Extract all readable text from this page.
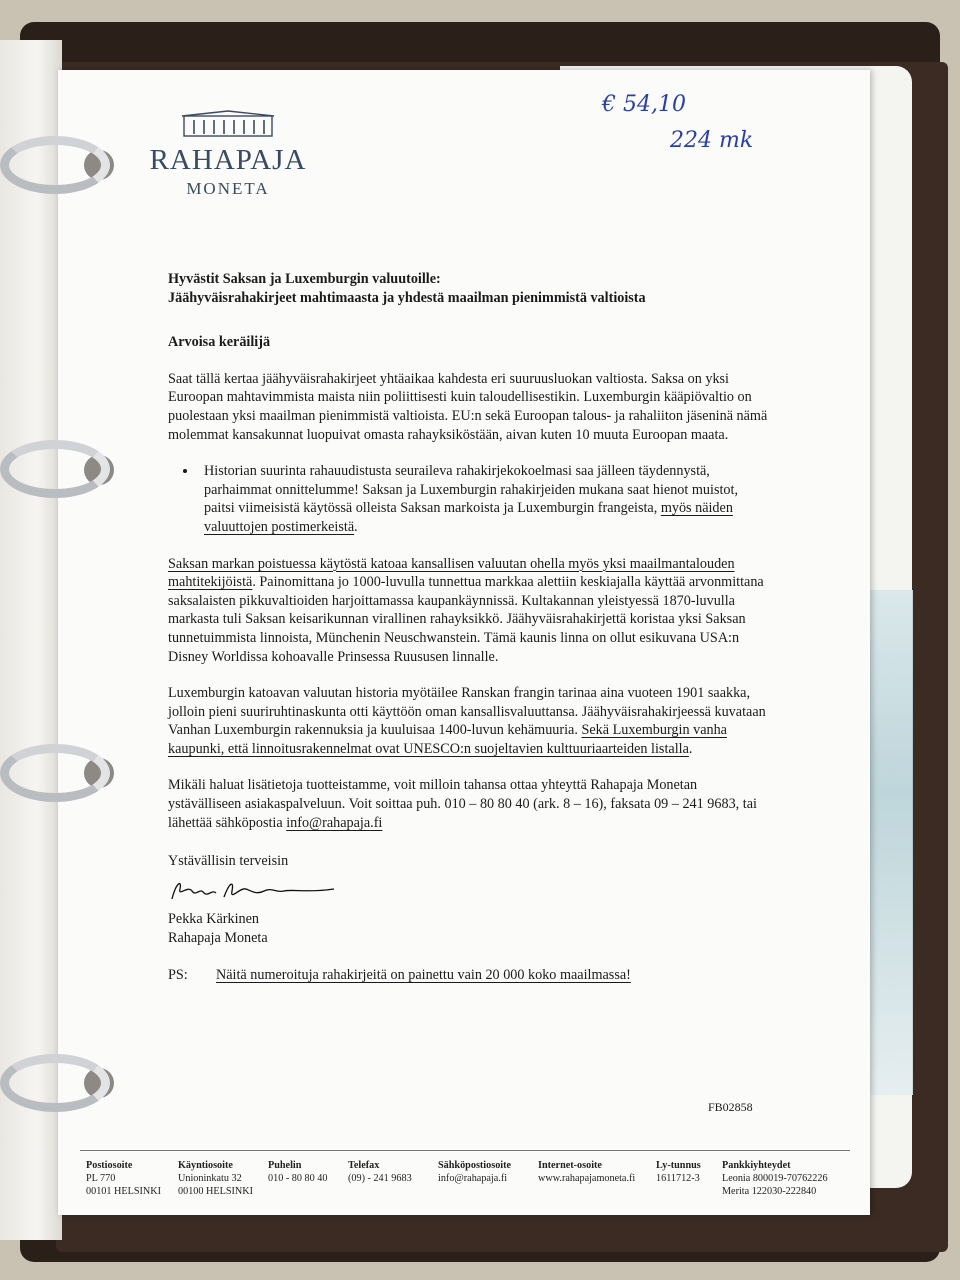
RAHAPAJA
MONETA
€ 54,10
224 mk
Hyvästit Saksan ja Luxemburgin valuutoille:
Jäähyväisrahakirjeet mahtimaasta ja yhdestä maailman pienimmistä valtioista
Arvoisa keräilijä

Saat tällä kertaa jäähyväisrahakirjeet yhtäaikaa kahdesta eri suuruusluokan valtiosta. Saksa on yksi Euroopan mahtavimmista maista niin poliittisesti kuin taloudellisestikin. Luxemburgin kääpiövaltio on puolestaan yksi maailman pienimmistä valtioista. EU:n sekä Euroopan talous- ja rahaliiton jäseninä nämä molemmat kansakunnat luopuivat omasta rahayksiköstään, aivan kuten 10 muuta Euroopan maata.

• Historian suurinta rahauudistusta seuraileva rahakirjekokoelmasi saa jälleen täydennystä, parhaimmat onnittelumme! Saksan ja Luxemburgin rahakirjeiden mukana saat hienot muistot, paitsi viimeisistä käytössä olleista Saksan markoista ja Luxemburgin frangeista, myös näiden valuuttojen postimerkeistä.

Saksan markan poistuessa käytöstä katoaa kansallisen valuutan ohella myös yksi maailmantalouden mahtitekijöistä. Painomittana jo 1000-luvulla tunnettua markkaa alettiin keskiajalla käyttää arvonmittana saksalaisten pikkuvaltioiden harjoittamassa kaupankäynnissä. Kultakannan yleistyessä 1870-luvulla markasta tuli Saksan keisarikunnan virallinen rahayksikkö. Jäähyväisrahakirjettä koristaa yksi Saksan tunnetuimmista linnoista, Münchenin Neuschwanstein. Tämä kaunis linna on ollut esikuvana USA:n Disney Worldissa kohoavalle Prinsessa Ruususen linnalle.

Luxemburgin katoavan valuutan historia myötäilee Ranskan frangin tarinaa aina vuoteen 1901 saakka, jolloin pieni suuriruhtinaskunta otti käyttöön oman kansallisvaluuttansa. Jäähyväisrahakirjeessä kuvataan Vanhan Luxemburgin rakennuksia ja kuuluisaa 1400-luvun kehämuuria. Sekä Luxemburgin vanha kaupunki, että linnoitusrakennelmat ovat UNESCO:n suojeltavien kulttuuriaarteiden listalla.

Mikäli haluat lisätietoja tuotteistamme, voit milloin tahansa ottaa yhteyttä Rahapaja Monetan ystävälliseen asiakaspalveluun. Voit soittaa puh. 010 – 80 80 40 (ark. 8 – 16), faksata 09 – 241 9683, tai lähettää sähköpostia info@rahapaja.fi

Ystävällisin terveisin
Pekka Kärkinen
Rahapaja Moneta
PS: Näitä numeroituja rahakirjeitä on painettu vain 20 000 koko maailmassa!
FB02858
Postiosoite
PL 770
00101 HELSINKI
Käyntiosoite
Unioninkatu 32
00100 HELSINKI
Puhelin
010 - 80 80 40
Telefax
(09) - 241 9683
Sähköpostiosoite
info@rahapaja.fi
Internet-osoite
www.rahapajamoneta.fi
Ly-tunnus
1611712-3
Pankkiyhteydet
Leonia 800019-70762226
Merita 122030-222840
